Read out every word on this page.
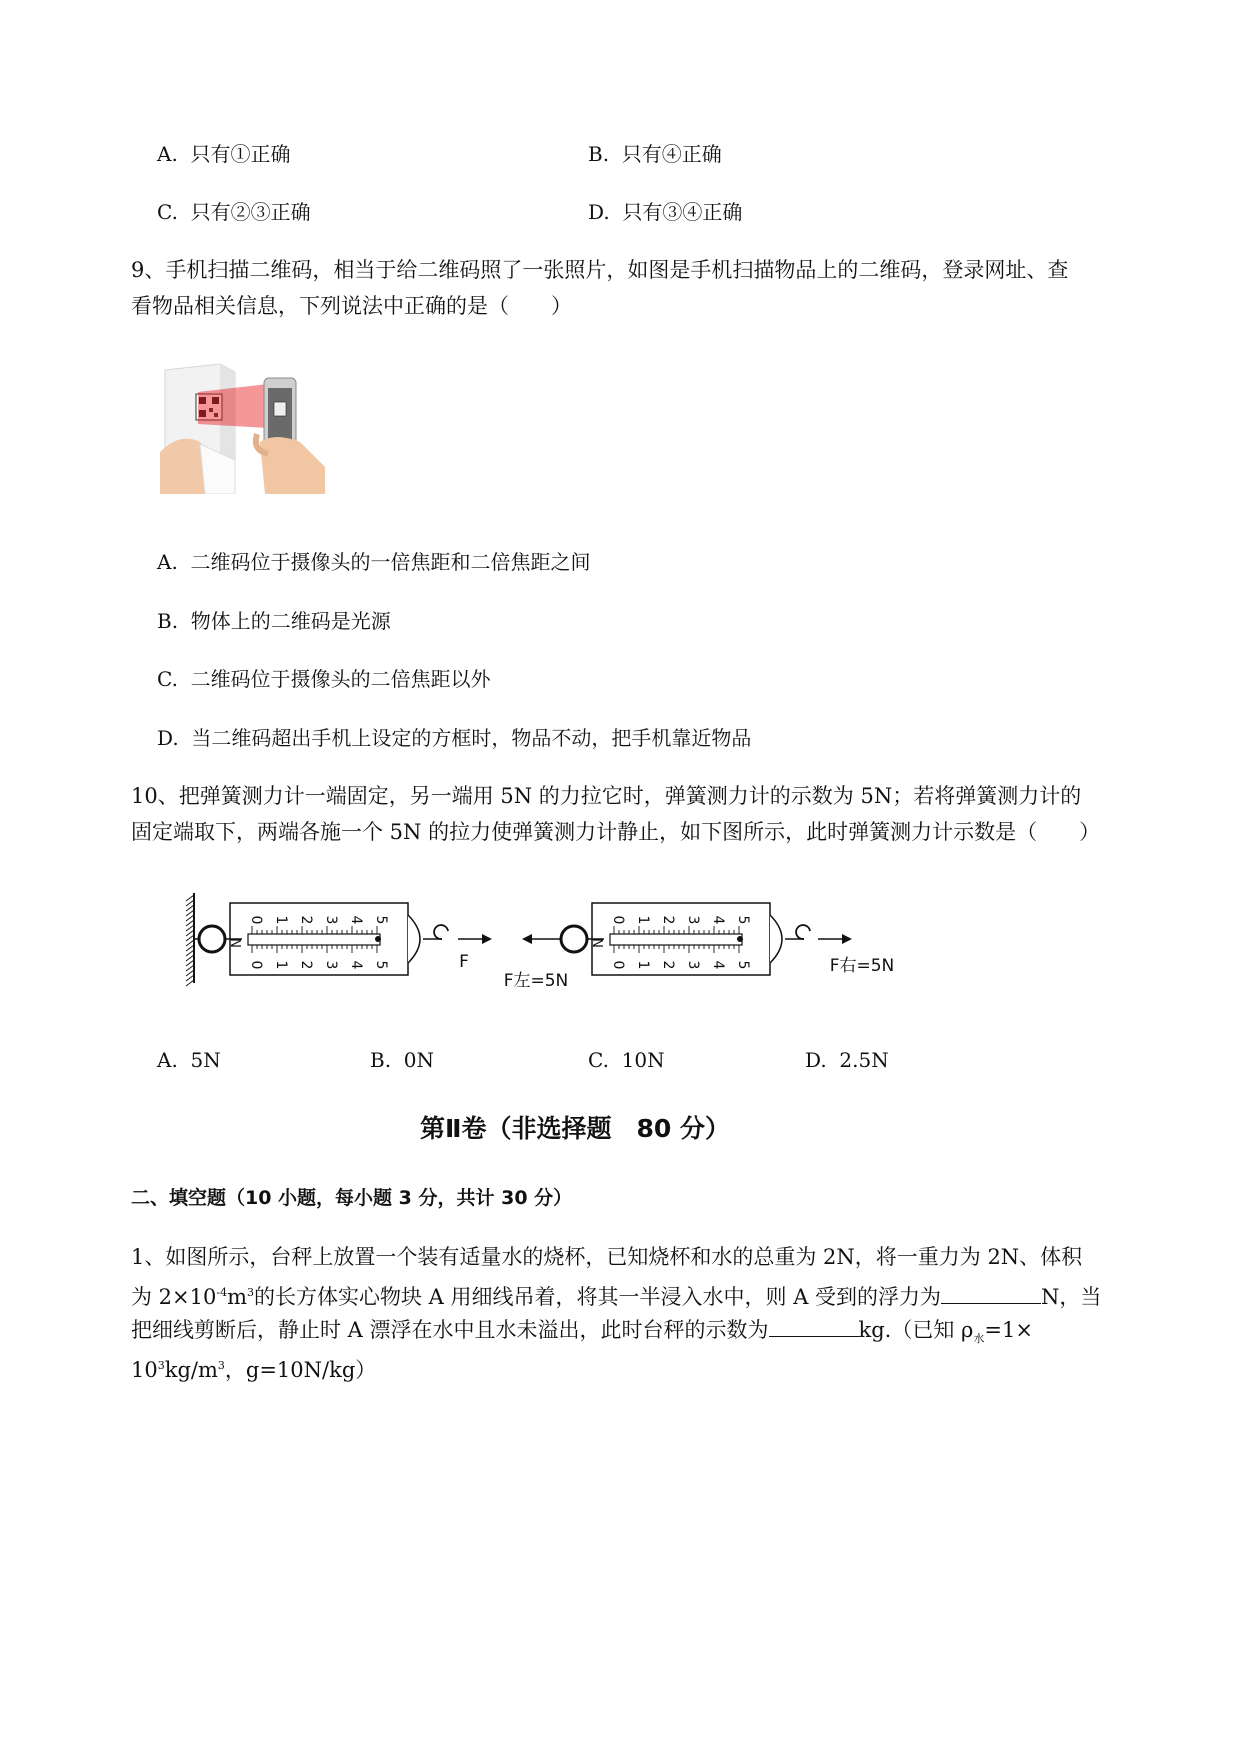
A. 只有①正确	B. 只有④正确
C. 只有②③正确	D. 只有③④正确
9、手机扫描二维码，相当于给二维码照了一张照片，如图是手机扫描物品上的二维码，登录网址、查
看物品相关信息，下列说法中正确的是（　　）
A. 二维码位于摄像头的一倍焦距和二倍焦距之间
B. 物体上的二维码是光源
C. 二维码位于摄像头的二倍焦距以外
D. 当二维码超出手机上设定的方框时，物品不动，把手机靠近物品
10、把弹簧测力计一端固定，另一端用 5N 的力拉它时，弹簧测力计的示数为 5N；若将弹簧测力计的
固定端取下，两端各施一个 5N 的拉力使弹簧测力计静止，如下图所示，此时弹簧测力计示数是（　　）
N
0
0
1
1
2
2
3
3
4
4
5
5
N
0
0
1
1
2
2
3
3
4
4
5
5
F
F左=5N
F右=5N
A. 5N	B. 0N	C. 10N	D. 2.5N
第Ⅱ卷（非选择题　80 分）
二、填空题（10 小题，每小题 3 分，共计 30 分）
1、如图所示，台秤上放置一个装有适量水的烧杯，已知烧杯和水的总重为 2N，将一重力为 2N、体积
为 $2\times 10^{-4}m^3$的长方体实心物块 A 用细线吊着，将其一半浸入水中，则 A 受到的浮力为	N，当
把细线剪断后，静止时 A 漂浮在水中且水未溢出，此时台秤的示数为	kg.（已知 $\rho_水=1\times$
$10^3kg/m^3$，g=10N/kg）
